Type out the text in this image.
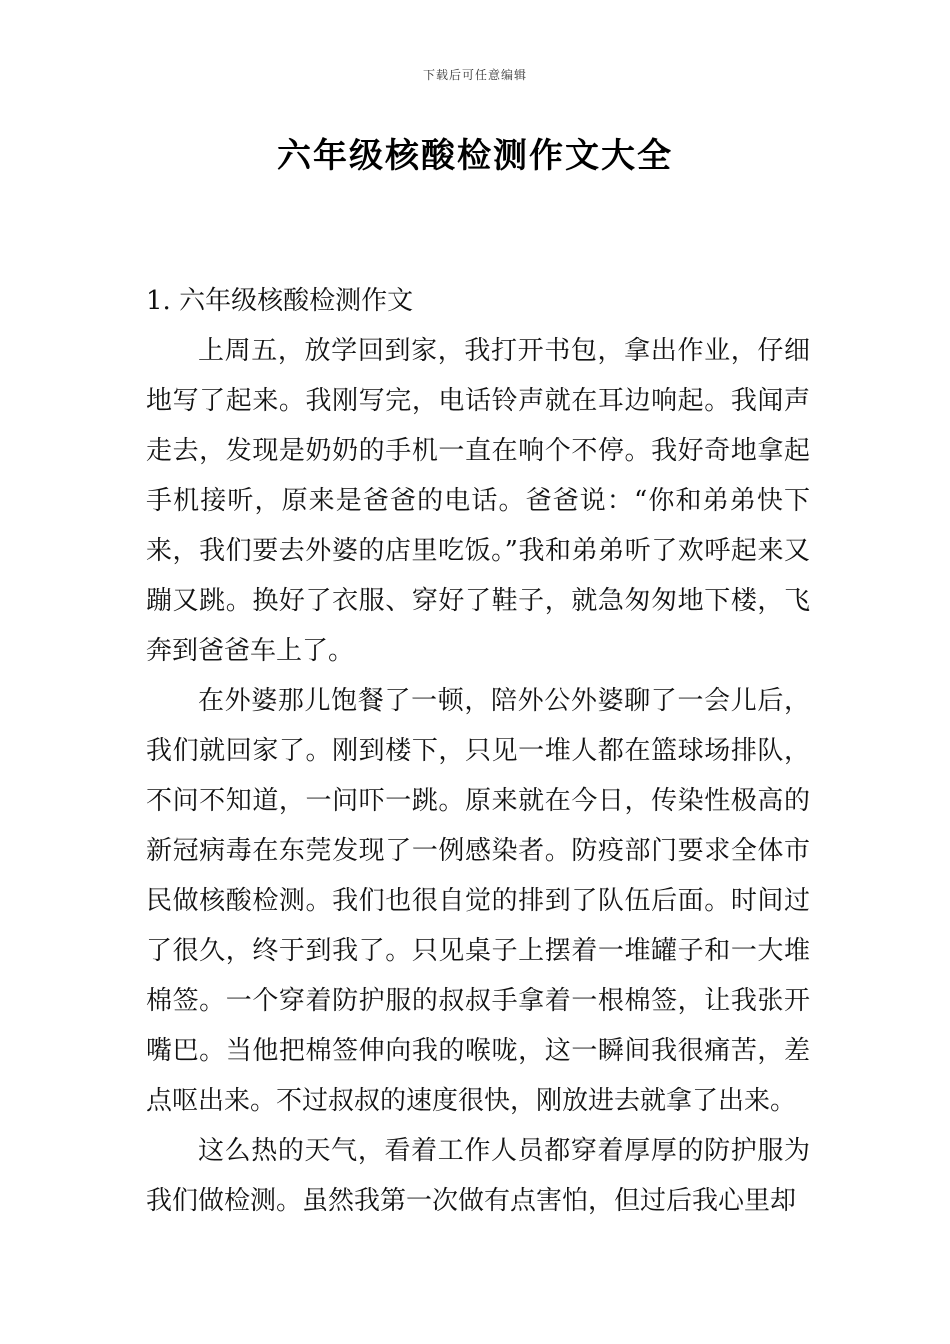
下载后可任意编辑
六年级核酸检测作文大全

1. 六年级核酸检测作文

上周五，放学回到家，我打开书包，拿出作业，仔细地写了起来。我刚写完，电话铃声就在耳边响起。我闻声走去，发现是奶奶的手机一直在响个不停。我好奇地拿起手机接听，原来是爸爸的电话。爸爸说：“你和弟弟快下来，我们要去外婆的店里吃饭。”我和弟弟听了欢呼起来又蹦又跳。换好了衣服、穿好了鞋子，就急匆匆地下楼，飞奔到爸爸车上了。

在外婆那儿饱餐了一顿，陪外公外婆聊了一会儿后，我们就回家了。刚到楼下，只见一堆人都在篮球场排队，不问不知道，一问吓一跳。原来就在今日，传染性极高的新冠病毒在东莞发现了一例感染者。防疫部门要求全体市民做核酸检测。我们也很自觉的排到了队伍后面。时间过了很久，终于到我了。只见桌子上摆着一堆罐子和一大堆棉签。一个穿着防护服的叔叔手拿着一根棉签，让我张开嘴巴。当他把棉签伸向我的喉咙，这一瞬间我很痛苦，差点呕出来。不过叔叔的速度很快，刚放进去就拿了出来。

这么热的天气，看着工作人员都穿着厚厚的防护服为我们做检测。虽然我第一次做有点害怕，但过后我心里却
